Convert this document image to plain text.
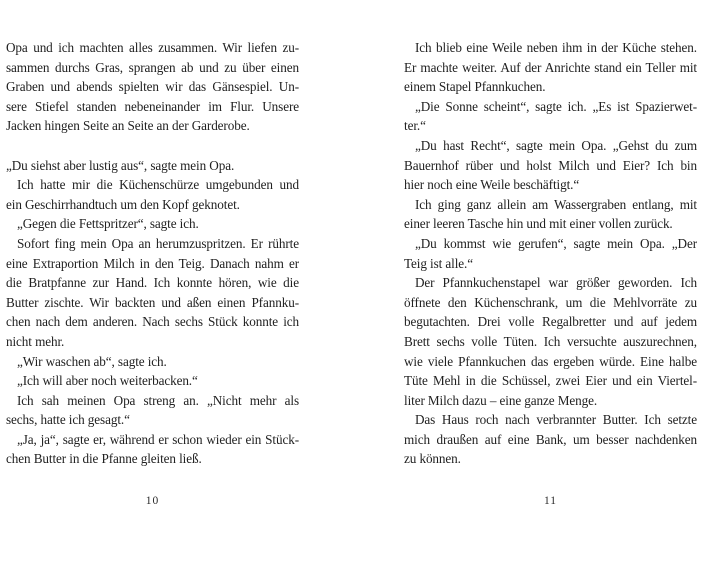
Opa und ich machten alles zusammen. Wir liefen zu-
sammen durchs Gras, sprangen ab und zu über einen
Graben und abends spielten wir das Gänsespiel. Un-
sere Stiefel standen nebeneinander im Flur. Unsere
Jacken hingen Seite an Seite an der Garderobe.
„Du siehst aber lustig aus“, sagte mein Opa.
Ich hatte mir die Küchenschürze umgebunden und
ein Geschirrhandtuch um den Kopf geknotet.
„Gegen die Fettspritzer“, sagte ich.
Sofort fing mein Opa an herumzuspritzen. Er rührte
eine Extraportion Milch in den Teig. Danach nahm er
die Bratpfanne zur Hand. Ich konnte hören, wie die
Butter zischte. Wir backten und aßen einen Pfannku-
chen nach dem anderen. Nach sechs Stück konnte ich
nicht mehr.
„Wir waschen ab“, sagte ich.
„Ich will aber noch weiterbacken.“
Ich sah meinen Opa streng an. „Nicht mehr als
sechs, hatte ich gesagt.“
„Ja, ja“, sagte er, während er schon wieder ein Stück-
chen Butter in die Pfanne gleiten ließ.
Ich blieb eine Weile neben ihm in der Küche stehen.
Er machte weiter. Auf der Anrichte stand ein Teller mit
einem Stapel Pfannkuchen.
„Die Sonne scheint“, sagte ich. „Es ist Spazierwet-
ter.“
„Du hast Recht“, sagte mein Opa. „Gehst du zum
Bauernhof rüber und holst Milch und Eier? Ich bin
hier noch eine Weile beschäftigt.“
Ich ging ganz allein am Wassergraben entlang, mit
einer leeren Tasche hin und mit einer vollen zurück.
„Du kommst wie gerufen“, sagte mein Opa. „Der
Teig ist alle.“
Der Pfannkuchenstapel war größer geworden. Ich
öffnete den Küchenschrank, um die Mehlvorräte zu
begutachten. Drei volle Regalbretter und auf jedem
Brett sechs volle Tüten. Ich versuchte auszurechnen,
wie viele Pfannkuchen das ergeben würde. Eine halbe
Tüte Mehl in die Schüssel, zwei Eier und ein Viertel-
liter Milch dazu – eine ganze Menge.
Das Haus roch nach verbrannter Butter. Ich setzte
mich draußen auf eine Bank, um besser nachdenken
zu können.
10	11
